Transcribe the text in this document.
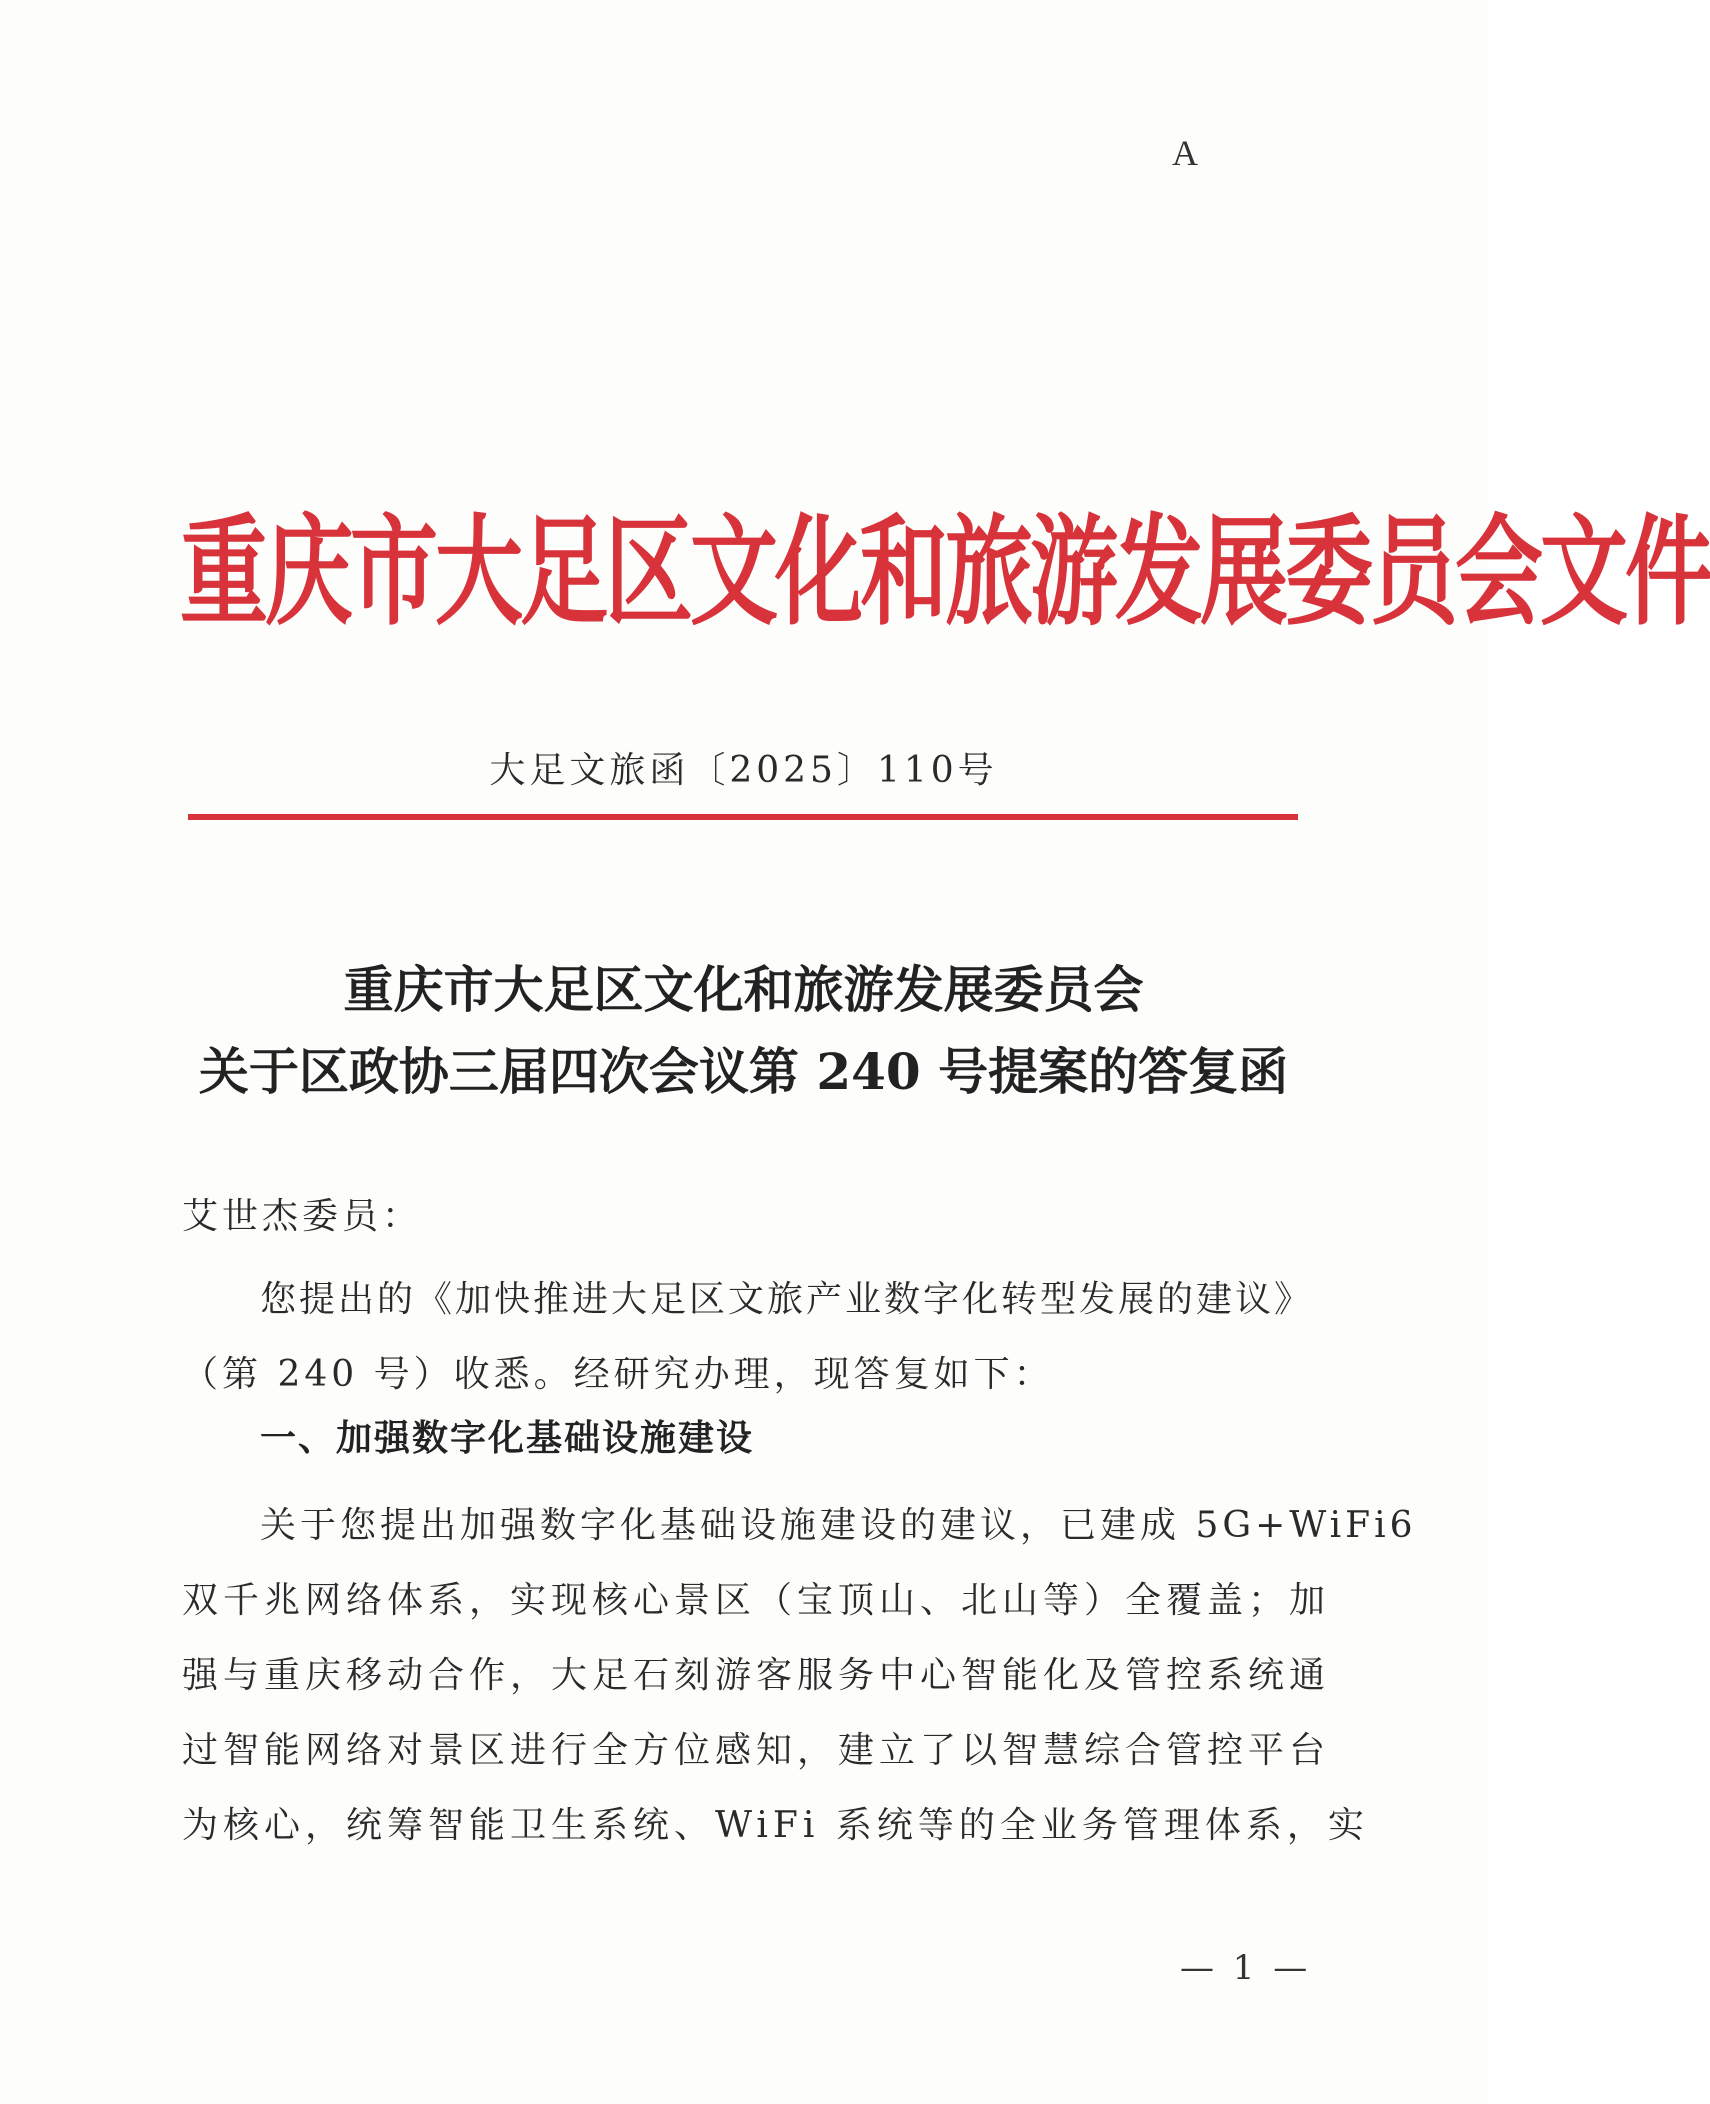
A
重庆市大足区文化和旅游发展委员会文件
大足文旅函〔2025〕110号
重庆市大足区文化和旅游发展委员会
关于区政协三届四次会议第 240 号提案的答复函
艾世杰委员：
您提出的《加快推进大足区文旅产业数字化转型发展的建议》
（第 240 号）收悉。经研究办理，现答复如下：
一、加强数字化基础设施建设
关于您提出加强数字化基础设施建设的建议，已建成 5G+WiFi6
双千兆网络体系，实现核心景区（宝顶山、北山等）全覆盖；加
强与重庆移动合作，大足石刻游客服务中心智能化及管控系统通
过智能网络对景区进行全方位感知，建立了以智慧综合管控平台
为核心，统筹智能卫生系统、WiFi 系统等的全业务管理体系，实
— 1 —
